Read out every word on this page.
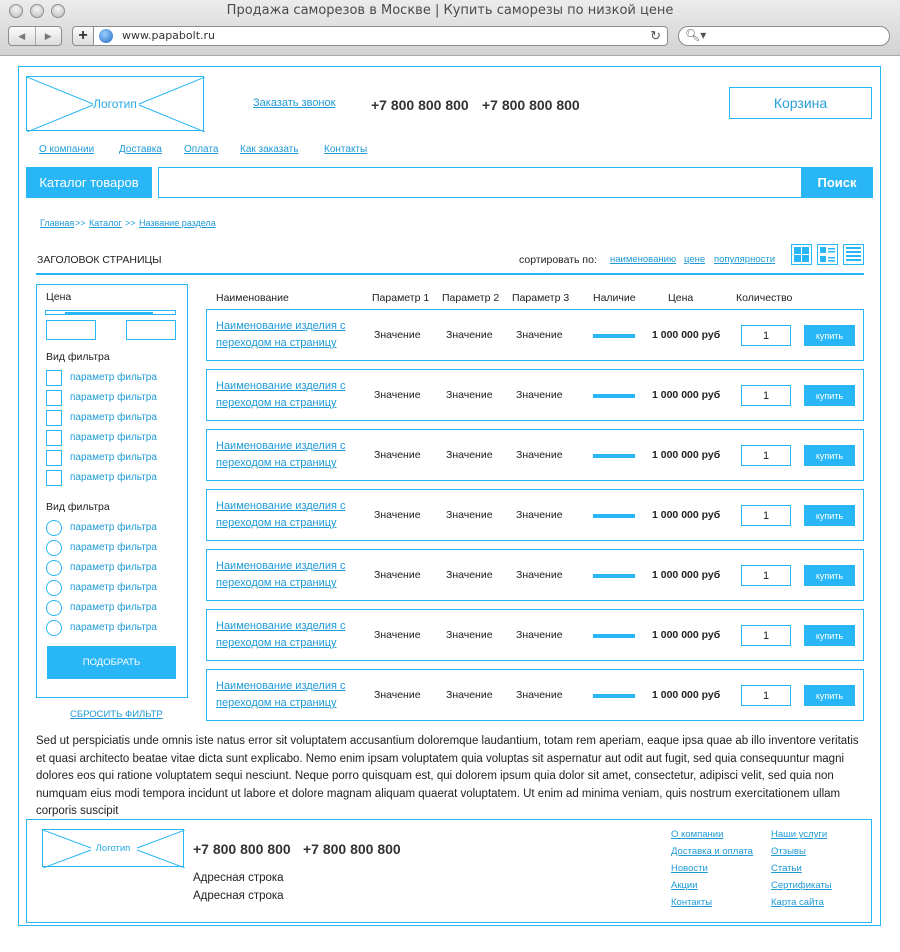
Продажа саморезов в Москве | Купить саморезы по низкой цене
◀	▶	+	www.papabolt.ru	↻ 🔍︎▾
Логотип	Заказать звонок	+7 800 800 800 +7 800 800 800	Корзина
О компании Доставка Оплата Как заказать	Контакты
Каталог товаров	Поиск
Главная >> Каталог >> Название раздела
ЗАГОЛОВОК СТРАНИЦЫ	сортировать по: наименованию цене популярности
Цена
Вид фильтра
параметр фильтра
параметр фильтра
параметр фильтра
параметр фильтра
параметр фильтра
параметр фильтра
Вид фильтра
параметр фильтра
параметр фильтра
параметр фильтра
параметр фильтра
параметр фильтра
параметр фильтра
ПОДОБРАТЬ
СБРОСИТЬ ФИЛЬТР
Наименование	Параметр 1 Параметр 2 Параметр 3 Наличие	Цена	Количество
Наименование изделия с
переходом на страницу
Значение Значение Значение	1 000 000 руб	1	купить
Наименование изделия с
переходом на страницу
Значение Значение Значение	1 000 000 руб	1	купить
Наименование изделия с
переходом на страницу
Значение Значение Значение	1 000 000 руб	1	купить
Наименование изделия с
переходом на страницу
Значение Значение Значение	1 000 000 руб	1	купить
Наименование изделия с
переходом на страницу
Значение Значение Значение	1 000 000 руб	1	купить
Наименование изделия с
переходом на страницу
Значение Значение Значение	1 000 000 руб	1	купить
Наименование изделия с
переходом на страницу
Значение Значение Значение	1 000 000 руб	1	купить
Sed ut perspiciatis unde omnis iste natus error sit voluptatem accusantium doloremque laudantium, totam rem aperiam, eaque ipsa quae ab illo inventore veritatis et quasi architecto beatae vitae dicta sunt explicabo. Nemo enim ipsam voluptatem quia voluptas sit aspernatur aut odit aut fugit, sed quia consequuntur magni dolores eos qui ratione voluptatem sequi nesciunt. Neque porro quisquam est, qui dolorem ipsum quia dolor sit amet, consectetur, adipisci velit, sed quia non numquam eius modi tempora incidunt ut labore et dolore magnam aliquam quaerat voluptatem. Ut enim ad minima veniam, quis nostrum exercitationem ullam corporis suscipit
Логотип	+7 800 800 800 +7 800 800 800
Адресная строка
Адресная строка
О компании
Доставка и оплата
Новости
Акции
Контакты
Наши услуги
Отзывы
Статьи
Сертификаты
Карта сайта
